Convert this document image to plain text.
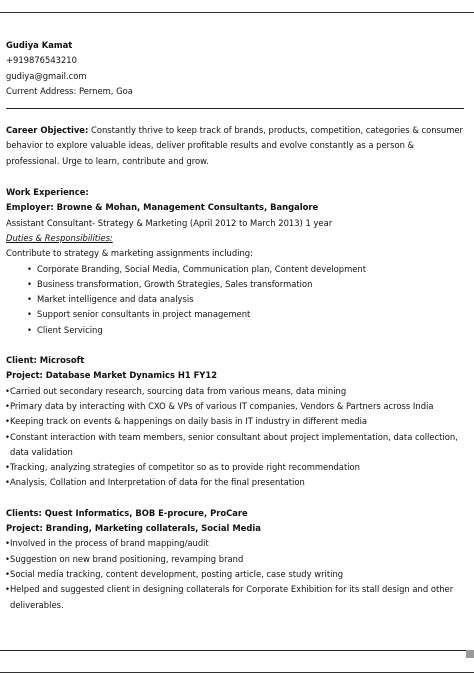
Gudiya Kamat
+919876543210
gudiya@gmail.com
Current Address: Pernem, Goa
Career Objective: Constantly thrive to keep track of brands, products, competition, categories & consumer behavior to explore valuable ideas, deliver profitable results and evolve constantly as a person & professional. Urge to learn, contribute and grow.
Work Experience:
Employer: Browne & Mohan, Management Consultants, Bangalore
Assistant Consultant- Strategy & Marketing (April 2012 to March 2013) 1 year
Duties & Responsibilities:
Contribute to strategy & marketing assignments including:
• Corporate Branding, Social Media, Communication plan, Content development
• Business transformation, Growth Strategies, Sales transformation
• Market intelligence and data analysis
• Support senior consultants in project management
• Client Servicing
Client: Microsoft
Project: Database Market Dynamics H1 FY12
• Carried out secondary research, sourcing data from various means, data mining
• Primary data by interacting with CXO & VPs of various IT companies, Vendors & Partners across India
• Keeping track on events & happenings on daily basis in IT industry in different media
• Constant interaction with team members, senior consultant about project implementation, data collection, data validation
• Tracking, analyzing strategies of competitor so as to provide right recommendation
• Analysis, Collation and Interpretation of data for the final presentation
Clients: Quest Informatics, BOB E-procure, ProCare
Project: Branding, Marketing collaterals, Social Media
• Involved in the process of brand mapping/audit
• Suggestion on new brand positioning, revamping brand
• Social media tracking, content development, posting article, case study writing
• Helped and suggested client in designing collaterals for Corporate Exhibition for its stall design and other deliverables.
